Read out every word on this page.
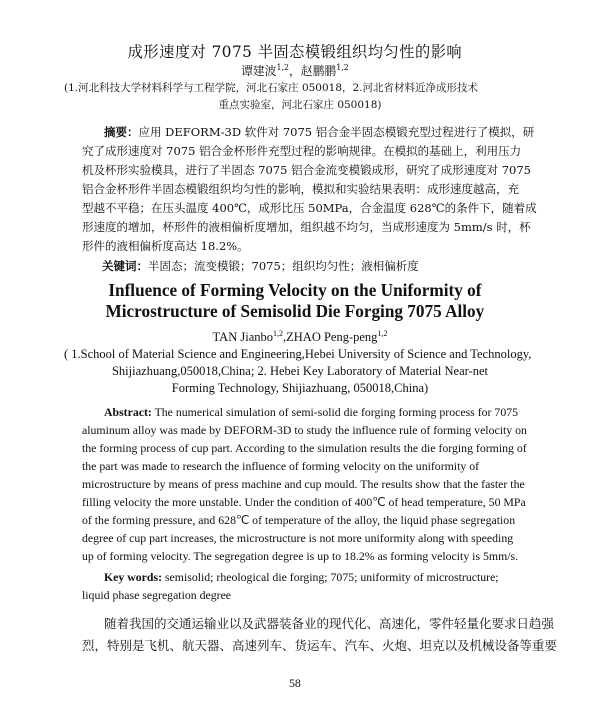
成形速度对 7075 半固态模锻组织均匀性的影响
谭建波$^{1,2}$，赵鹏鹏$^{1,2}$
(1.河北科技大学材料科学与工程学院，河北石家庄 050018，2.河北省材料近净成形技术
重点实验室，河北石家庄 050018)
摘要：应用 DEFORM-3D 软件对 7075 铝合金半固态模锻充型过程进行了模拟，研
究了成形速度对 7075 铝合金杯形件充型过程的影响规律。在模拟的基础上，利用压力
机及杯形实验模具，进行了半固态 7075 铝合金流变模锻成形，研究了成形速度对 7075
铝合金杯形件半固态模锻组织均匀性的影响，模拟和实验结果表明：成形速度越高，充
型越不平稳；在压头温度 400℃，成形比压 50MPa，合金温度 628℃的条件下，随着成
形速度的增加，杯形件的液相偏析度增加，组织越不均匀，当成形速度为 5mm/s 时，杯
形件的液相偏析度高达 18.2%。
关键词：半固态；流变模锻；7075；组织均匀性；液相偏析度
Influence of Forming Velocity on the Uniformity of
Microstructure of Semisolid Die Forging 7075 Alloy
TAN Jianbo$^{1,2}$,ZHAO Peng-peng$^{1,2}$
( 1.School of Material Science and Engineering,Hebei University of Science and Technology,
Shijiazhuang,050018,China; 2. Hebei Key Laboratory of Material Near-net
Forming Technology, Shijiazhuang, 050018,China)
Abstract: The numerical simulation of semi-solid die forging forming process for 7075
aluminum alloy was made by DEFORM-3D to study the influence rule of forming velocity on
the forming process of cup part. According to the simulation results the die forging forming of
the part was made to research the influence of forming velocity on the uniformity of
microstructure by means of press machine and cup mould. The results show that the faster the
filling velocity the more unstable. Under the condition of 400℃ of head temperature, 50 MPa
of the forming pressure, and 628℃ of temperature of the alloy, the liquid phase segregation
degree of cup part increases, the microstructure is not more uniformity along with speeding
up of forming velocity. The segregation degree is up to 18.2% as forming velocity is 5mm/s.
Key words: semisolid; rheological die forging; 7075; uniformity of microstructure;
liquid phase segregation degree
随着我国的交通运输业以及武器装备业的现代化、高速化，零件轻量化要求日趋强
58
烈，特别是飞机、航天器、高速列车、货运车、汽车、火炮、坦克以及机械设备等重要
